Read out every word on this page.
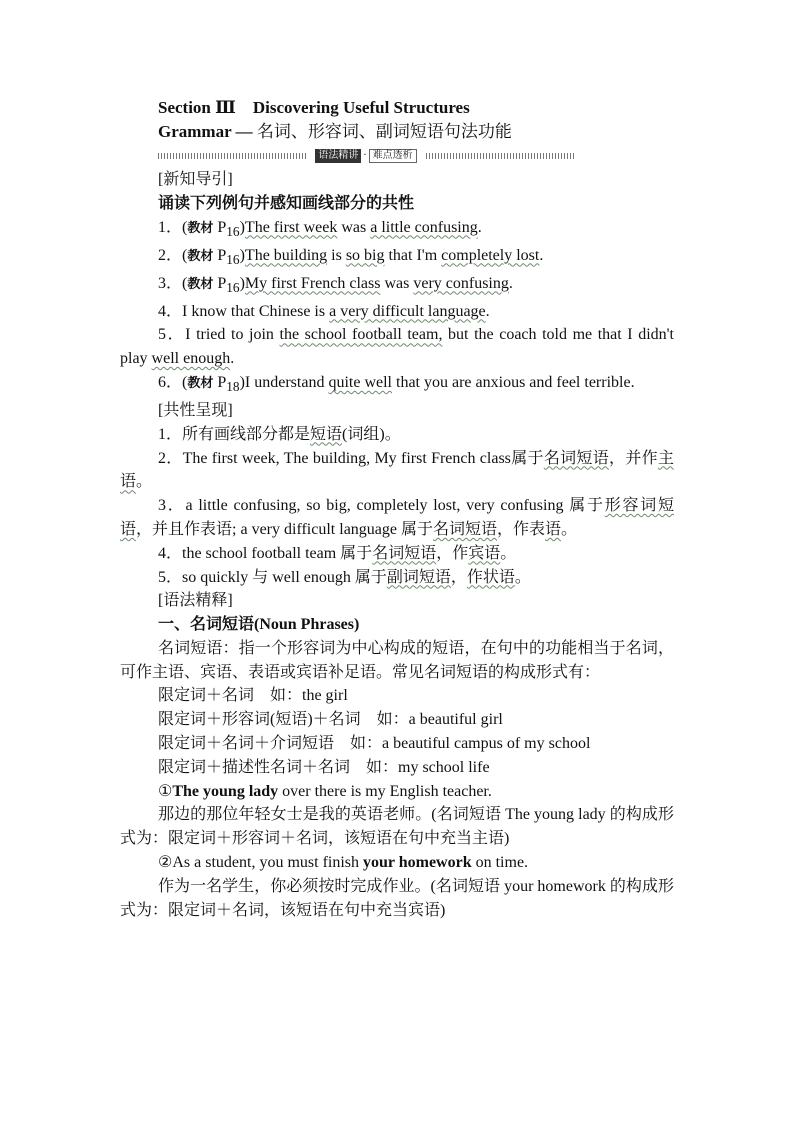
Section Ⅲ　Discovering Useful Structures
Grammar — 名词、形容词、副词短语句法功能
语法精讲 · 难点透析

[新知导引]

诵读下列例句并感知画线部分的共性

1．(教材 $P_{16})The$ first week was a little confusing.

2．(教材 $P_{16})The$ building is so big that I'm completely lost.

3．(教材 $P_{16})My$ first French class was very confusing.

4．I know that Chinese is a very difficult language.

5．I tried to join the school football team, but the coach told me that I didn't play well enough.

6．(教材 $P_{18})I$ understand quite well that you are anxious and feel terrible.

[共性呈现]

1．所有画线部分都是短语(词组)。

2．The first week, The building, My first French class属于名词短语，并作主语。

3．a little confusing, so big, completely lost, very confusing 属于形容词短语，并且作表语; a very difficult language 属于名词短语，作表语。

4．the school football team 属于名词短语，作宾语。

5．so quickly 与 well enough 属于副词短语，作状语。

[语法精释]

一、名词短语(Noun Phrases)

名词短语：指一个形容词为中心构成的短语，在句中的功能相当于名词，可作主语、宾语、表语或宾语补足语。常见名词短语的构成形式有：

限定词＋名词　如：the girl

限定词＋形容词(短语)＋名词　如：a beautiful girl

限定词＋名词＋介词短语　如：a beautiful campus of my school

限定词＋描述性名词＋名词　如：my school life

①The young lady over there is my English teacher.

那边的那位年轻女士是我的英语老师。(名词短语 The young lady 的构成形式为：限定词＋形容词＋名词，该短语在句中充当主语)

②As a student, you must finish your homework on time.

作为一名学生，你必须按时完成作业。(名词短语 your homework 的构成形式为：限定词＋名词，该短语在句中充当宾语)
